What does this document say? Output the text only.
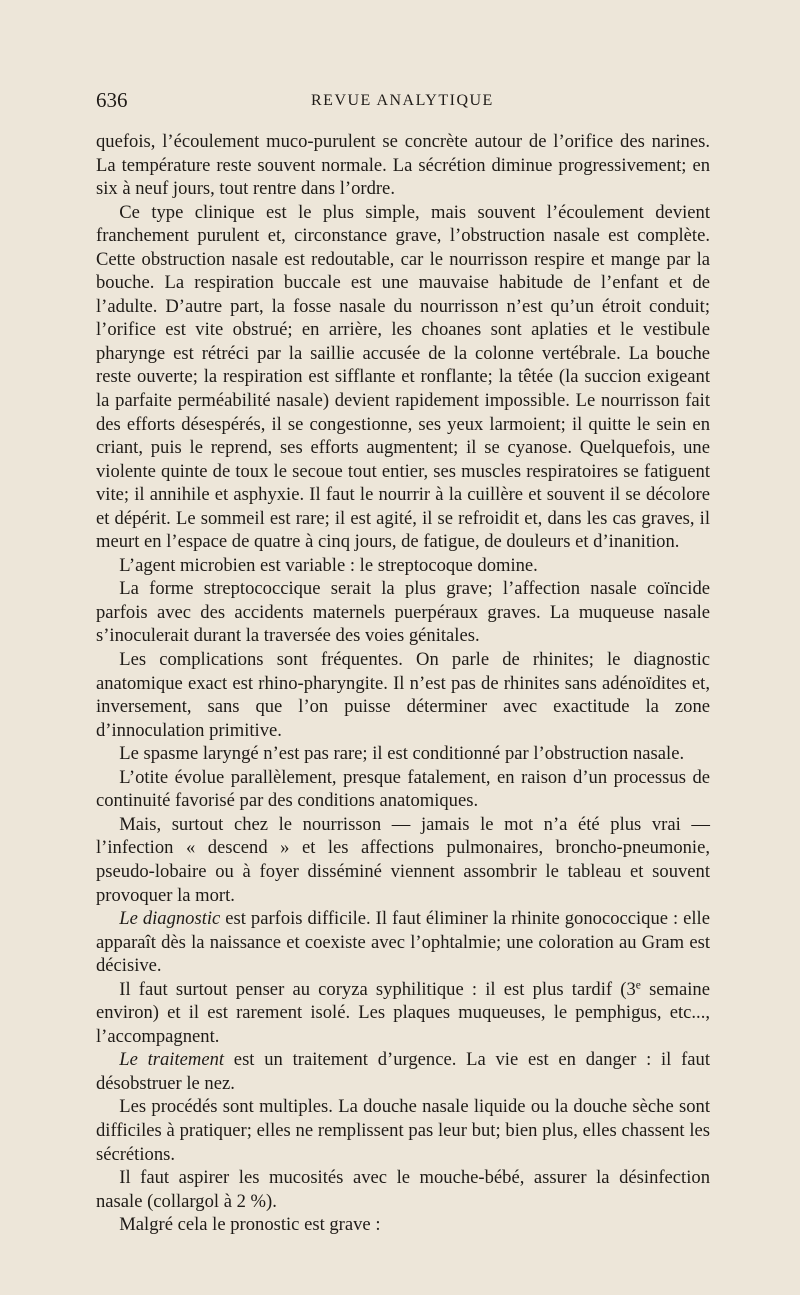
636	REVUE ANALYTIQUE

quefois, l’écoulement muco-purulent se concrète autour de l’orifice des narines. La température reste souvent normale. La sécrétion diminue progressivement; en six à neuf jours, tout rentre dans l’ordre.

Ce type clinique est le plus simple, mais souvent l’écoulement devient franchement purulent et, circonstance grave, l’obstruction nasale est complète. Cette obstruction nasale est redoutable, car le nourrisson respire et mange par la bouche. La respiration buccale est une mauvaise habitude de l’enfant et de l’adulte. D’autre part, la fosse nasale du nourrisson n’est qu’un étroit conduit; l’orifice est vite obstrué; en arrière, les choanes sont aplaties et le vestibule pharynge est rétréci par la saillie accusée de la colonne vertébrale. La bouche reste ouverte; la respiration est sifflante et ronflante; la têtée (la succion exigeant la parfaite perméabilité nasale) devient rapidement impossible. Le nourrisson fait des efforts désespérés, il se congestionne, ses yeux larmoient; il quitte le sein en criant, puis le reprend, ses efforts augmentent; il se cyanose. Quelquefois, une violente quinte de toux le secoue tout entier, ses muscles respiratoires se fatiguent vite; il annihile et asphyxie. Il faut le nourrir à la cuillère et souvent il se décolore et dépérit. Le sommeil est rare; il est agité, il se refroidit et, dans les cas graves, il meurt en l’espace de quatre à cinq jours, de fatigue, de douleurs et d’inanition.

L’agent microbien est variable : le streptocoque domine.

La forme streptococcique serait la plus grave; l’affection nasale coïncide parfois avec des accidents maternels puerpéraux graves. La muqueuse nasale s’inoculerait durant la traversée des voies génitales.

Les complications sont fréquentes. On parle de rhinites; le diagnostic anatomique exact est rhino-pharyngite. Il n’est pas de rhinites sans adénoïdites et, inversement, sans que l’on puisse déterminer avec exactitude la zone d’innoculation primitive.

Le spasme laryngé n’est pas rare; il est conditionné par l’obstruction nasale.

L’otite évolue parallèlement, presque fatalement, en raison d’un processus de continuité favorisé par des conditions anatomiques.

Mais, surtout chez le nourrisson — jamais le mot n’a été plus vrai — l’infection « descend » et les affections pulmonaires, broncho-pneumonie, pseudo-lobaire ou à foyer disséminé viennent assombrir le tableau et souvent provoquer la mort.

Le diagnostic est parfois difficile. Il faut éliminer la rhinite gonococcique : elle apparaît dès la naissance et coexiste avec l’ophtalmie; une coloration au Gram est décisive.

Il faut surtout penser au coryza syphilitique : il est plus tardif (3e semaine environ) et il est rarement isolé. Les plaques muqueuses, le pemphigus, etc..., l’accompagnent.

Le traitement est un traitement d’urgence. La vie est en danger : il faut désobstruer le nez.

Les procédés sont multiples. La douche nasale liquide ou la douche sèche sont difficiles à pratiquer; elles ne remplissent pas leur but; bien plus, elles chassent les sécrétions.

Il faut aspirer les mucosités avec le mouche-bébé, assurer la désinfection nasale (collargol à 2 %).

Malgré cela le pronostic est grave :
